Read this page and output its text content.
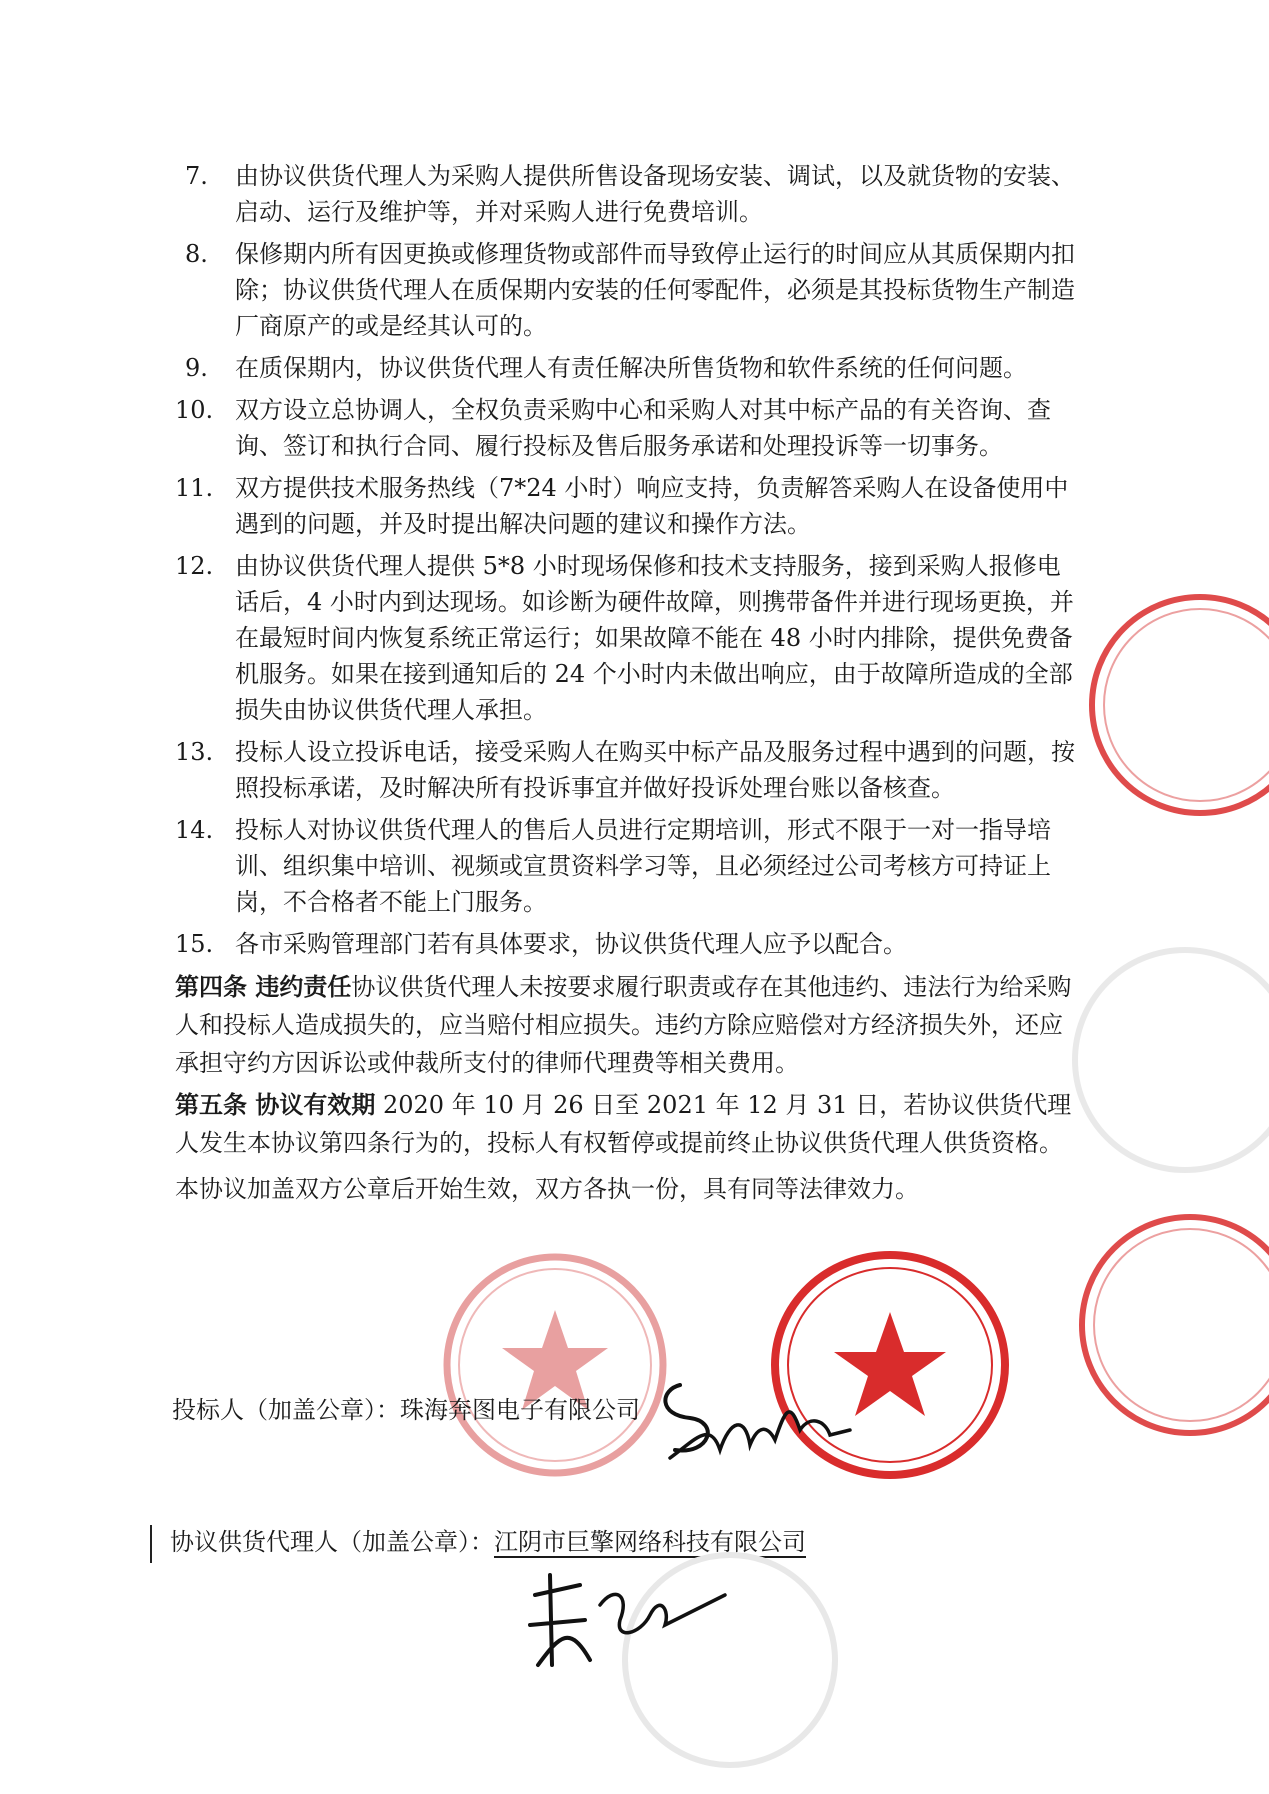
7. 由协议供货代理人为采购人提供所售设备现场安装、调试，以及就货物的安装、启动、运行及维护等，并对采购人进行免费培训。
8. 保修期内所有因更换或修理货物或部件而导致停止运行的时间应从其质保期内扣除；协议供货代理人在质保期内安装的任何零配件，必须是其投标货物生产制造厂商原产的或是经其认可的。
9. 在质保期内，协议供货代理人有责任解决所售货物和软件系统的任何问题。
10. 双方设立总协调人，全权负责采购中心和采购人对其中标产品的有关咨询、查询、签订和执行合同、履行投标及售后服务承诺和处理投诉等一切事务。
11. 双方提供技术服务热线（7*24 小时）响应支持，负责解答采购人在设备使用中遇到的问题，并及时提出解决问题的建议和操作方法。
12. 由协议供货代理人提供 5*8 小时现场保修和技术支持服务，接到采购人报修电话后，4 小时内到达现场。如诊断为硬件故障，则携带备件并进行现场更换，并在最短时间内恢复系统正常运行；如果故障不能在 48 小时内排除，提供免费备机服务。如果在接到通知后的 24 个小时内未做出响应，由于故障所造成的全部损失由协议供货代理人承担。
13. 投标人设立投诉电话，接受采购人在购买中标产品及服务过程中遇到的问题，按照投标承诺，及时解决所有投诉事宜并做好投诉处理台账以备核查。
14. 投标人对协议供货代理人的售后人员进行定期培训，形式不限于一对一指导培训、组织集中培训、视频或宣贯资料学习等，且必须经过公司考核方可持证上岗，不合格者不能上门服务。
15. 各市采购管理部门若有具体要求，协议供货代理人应予以配合。
第四条 违约责任协议供货代理人未按要求履行职责或存在其他违约、违法行为给采购人和投标人造成损失的，应当赔付相应损失。违约方除应赔偿对方经济损失外，还应承担守约方因诉讼或仲裁所支付的律师代理费等相关费用。
第五条 协议有效期 2020 年 10 月 26 日至 2021 年 12 月 31 日，若协议供货代理人发生本协议第四条行为的，投标人有权暂停或提前终止协议供货代理人供货资格。
本协议加盖双方公章后开始生效，双方各执一份，具有同等法律效力。
投标人（加盖公章）：珠海奔图电子有限公司
协议供货代理人（加盖公章）：江阴市巨擎网络科技有限公司
